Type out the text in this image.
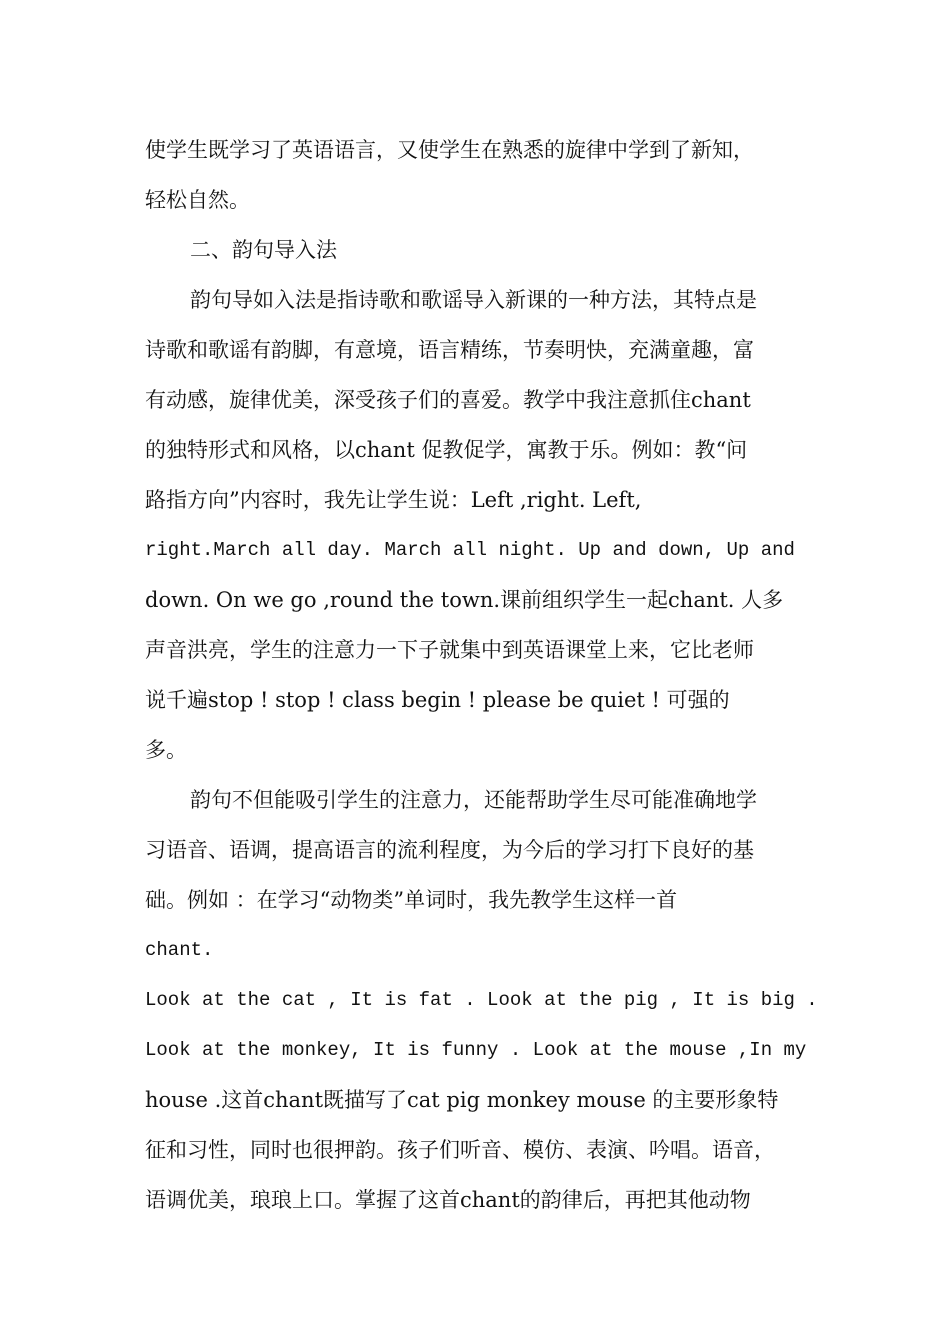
使学生既学习了英语语言，又使学生在熟悉的旋律中学到了新知，
轻松自然。
二、韵句导入法
韵句导如入法是指诗歌和歌谣导入新课的一种方法，其特点是
诗歌和歌谣有韵脚，有意境，语言精练，节奏明快，充满童趣，富
有动感，旋律优美，深受孩子们的喜爱。教学中我注意抓住chant
的独特形式和风格，以chant 促教促学，寓教于乐。例如：教“问
路指方向”内容时，我先让学生说：Left ,right. Left,
right.March all day. March all night. Up and down, Up and
down. On we go ,round the town.课前组织学生一起chant. 人多
声音洪亮，学生的注意力一下子就集中到英语课堂上来，它比老师
说千遍stop ! stop ! class begin ! please be quiet ! 可强的
多。
韵句不但能吸引学生的注意力，还能帮助学生尽可能准确地学
习语音、语调，提高语言的流利程度，为今后的学习打下良好的基
础。例如 ：在学习“动物类”单词时，我先教学生这样一首
chant.
Look at the cat , It is fat . Look at the pig , It is big .
Look at the monkey, It is funny . Look at the mouse ,In my
house .这首chant既描写了cat pig monkey mouse 的主要形象特
征和习性，同时也很押韵。孩子们听音、模仿、表演、吟唱。语音，
语调优美，琅琅上口。掌握了这首chant的韵律后，再把其他动物
